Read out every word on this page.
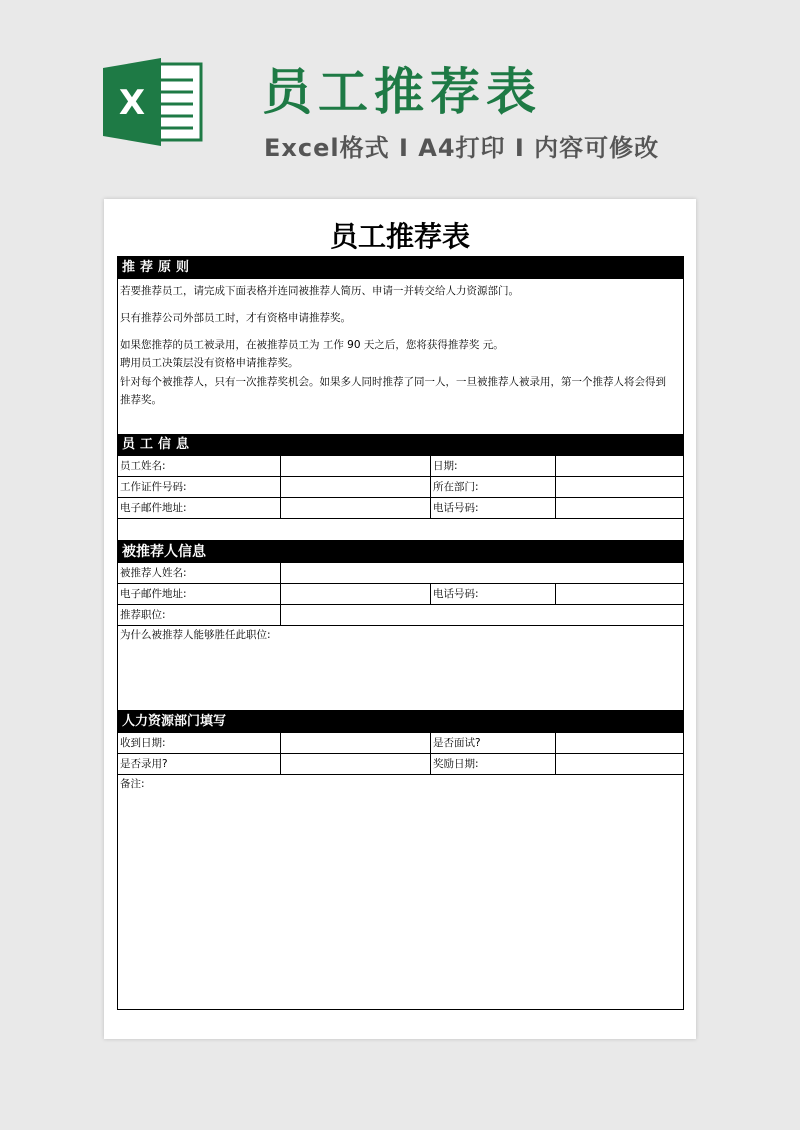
X 员工推荐表
Excel格式 I A4打印 I 内容可修改
员工推荐表
推荐原则
若要推荐员工，请完成下面表格并连同被推荐人简历、申请一并转交给人力资源部门。
只有推荐公司外部员工时，才有资格申请推荐奖。
如果您推荐的员工被录用，在被推荐员工为 工作 90 天之后，您将获得推荐奖 元。
聘用员工决策层没有资格申请推荐奖。
针对每个被推荐人，只有一次推荐奖机会。如果多人同时推荐了同一人，一旦被推荐人被录用，第一个推荐人将会得到
推荐奖。
员工信息
员工姓名:	日期:
工作证件号码:	所在部门:
电子邮件地址:	电话号码:
被推荐人信息
被推荐人姓名:
电子邮件地址:	电话号码:
推荐职位:
为什么被推荐人能够胜任此职位:
人力资源部门填写
收到日期:	是否面试?
是否录用?	奖励日期:
备注:
